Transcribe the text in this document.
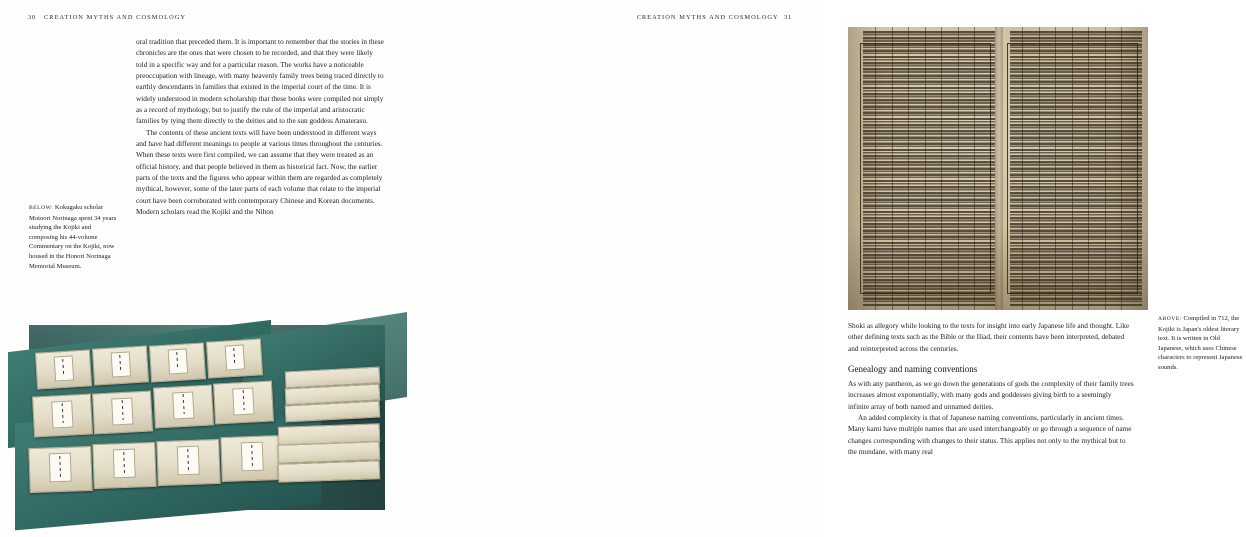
30 CREATION MYTHS AND COSMOLOGY

oral tradition that preceded them. It is important to remember that the stories in these chronicles are the ones that were chosen to be recorded, and that they were likely told in a specific way and for a particular reason. The works have a noticeable preoccupation with lineage, with many heavenly family trees being traced directly to earthly descendants in families that existed in the imperial court of the time. It is widely understood in modern scholarship that these books were compiled not simply as a record of mythology, but to justify the rule of the imperial and aristocratic families by tying them directly to the deities and to the sun goddess Amaterasu.

The contents of these ancient texts will have been understood in different ways and have had different meanings to people at various times throughout the centuries. When these texts were first compiled, we can assume that they were treated as an official history, and that people believed in them as historical fact. Now, the earlier parts of the texts and the figures who appear within them are regarded as completely mythical, however, some of the later parts of each volume that relate to the imperial court have been corroborated with contemporary Chinese and Korean documents. Modern scholars read the Kojiki and the Nihon

BELOW: Kokugaku scholar Motoori Norinaga spent 34 years studying the Kojiki and composing his 44-volume Commentary on the Kojiki, now housed in the Honori Norinaga Memorial Museum.
CREATION MYTHS AND COSMOLOGY 31
ABOVE: Compiled in 712, the Kojiki is Japan's oldest literary text. It is written in Old Japanese, which uses Chinese characters to represent Japanese sounds.

Shoki as allegory while looking to the texts for insight into early Japanese life and thought. Like other defining texts such as the Bible or the Iliad, their contents have been interpreted, debated and reinterpreted across the centuries.

Genealogy and naming conventions

As with any pantheon, as we go down the generations of gods the complexity of their family trees increases almost exponentially, with many gods and goddesses giving birth to a seemingly infinite array of both named and unnamed deities.

An added complexity is that of Japanese naming conventions, particularly in ancient times. Many kami have multiple names that are used interchangeably or go through a sequence of name changes corresponding with changes to their status. This applies not only to the mythical but to the mundane, with many real
